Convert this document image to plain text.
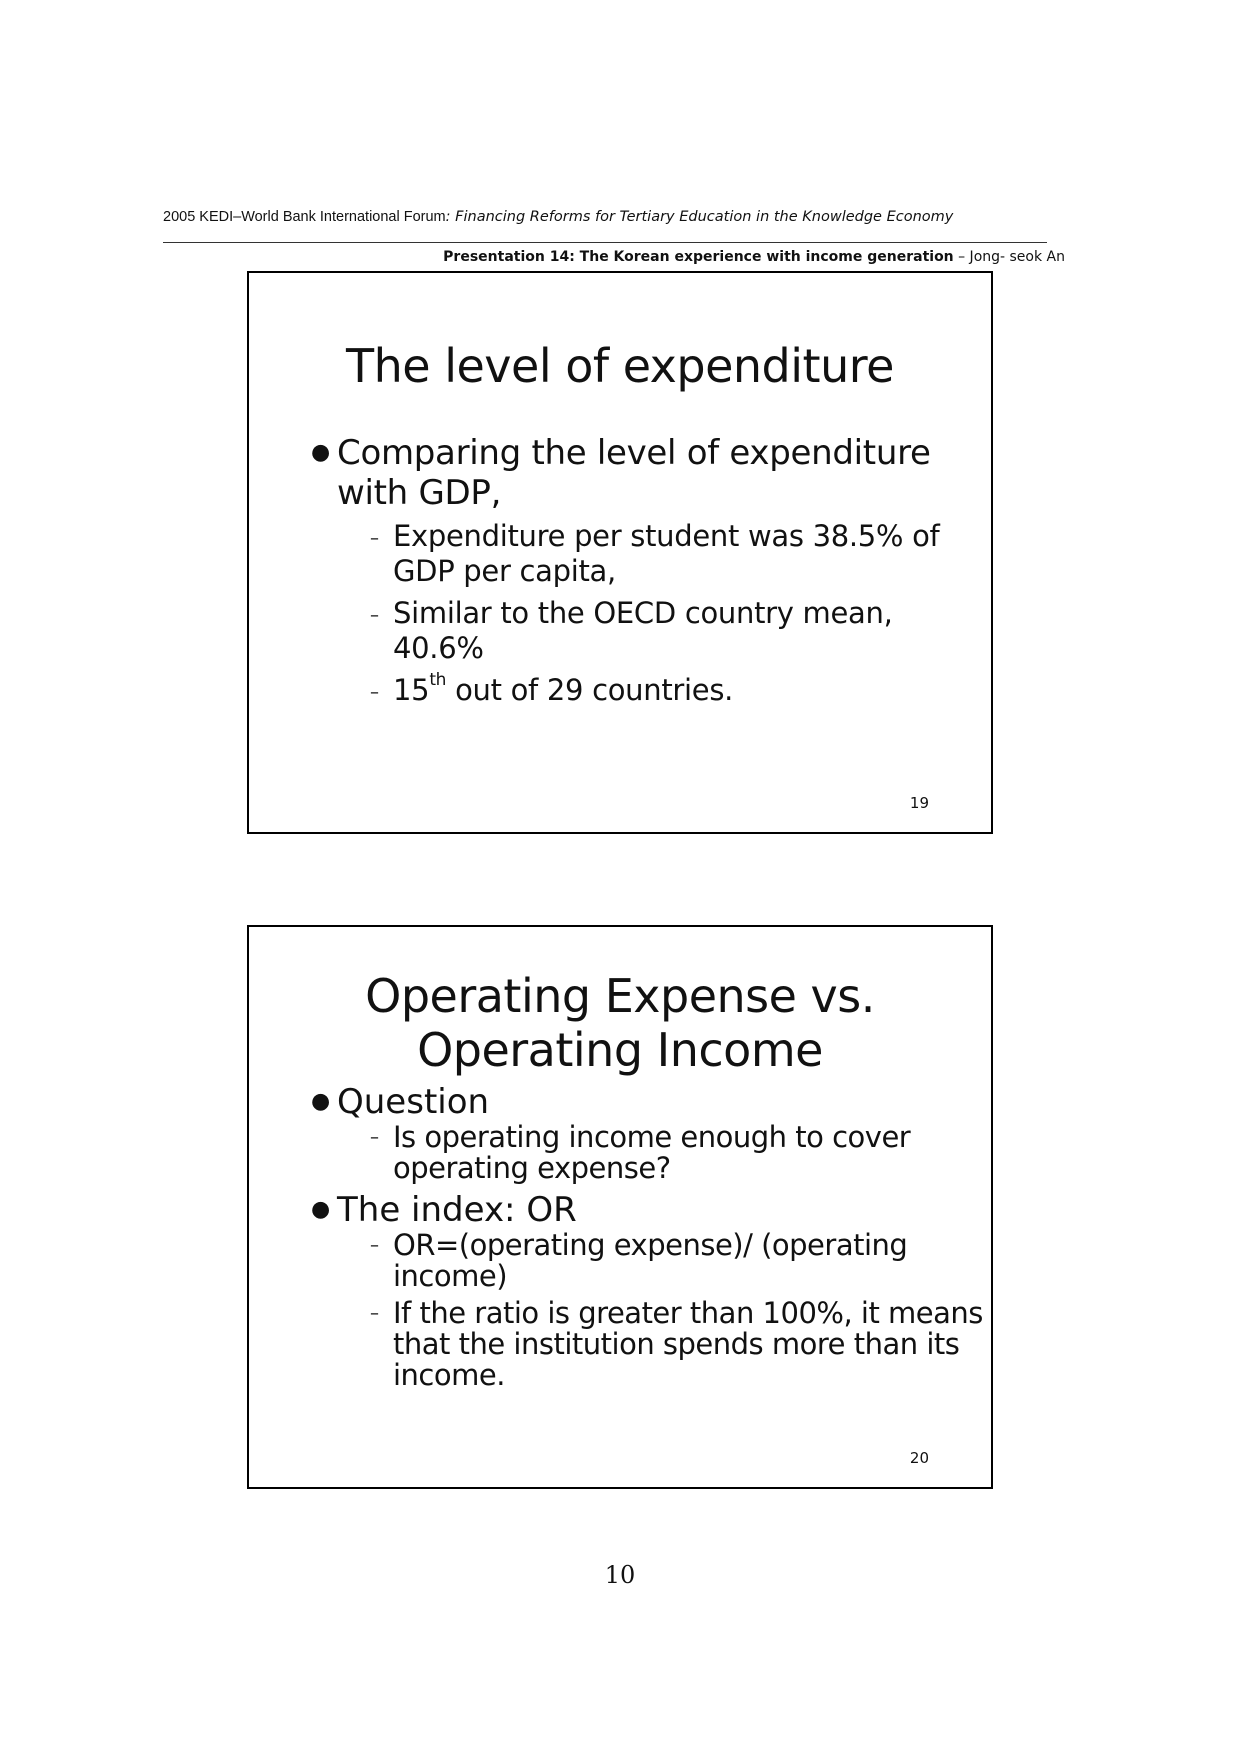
2005 KEDI–World Bank International Forum: Financing Reforms for Tertiary Education in the Knowledge Economy
Presentation 14: The Korean experience with income generation – Jong- seok An
The level of expenditure
● Comparing the level of expenditure with GDP,
– Expenditure per student was 38.5% of GDP per capita,
– Similar to the OECD country mean, 40.6%
– 15th out of 29 countries.
19
Operating Expense vs.
Operating Income
● Question
– Is operating income enough to cover operating expense?
● The index: OR
– OR=(operating expense)/ (operating income)
– If the ratio is greater than 100%, it means that the institution spends more than its income.
20
10
